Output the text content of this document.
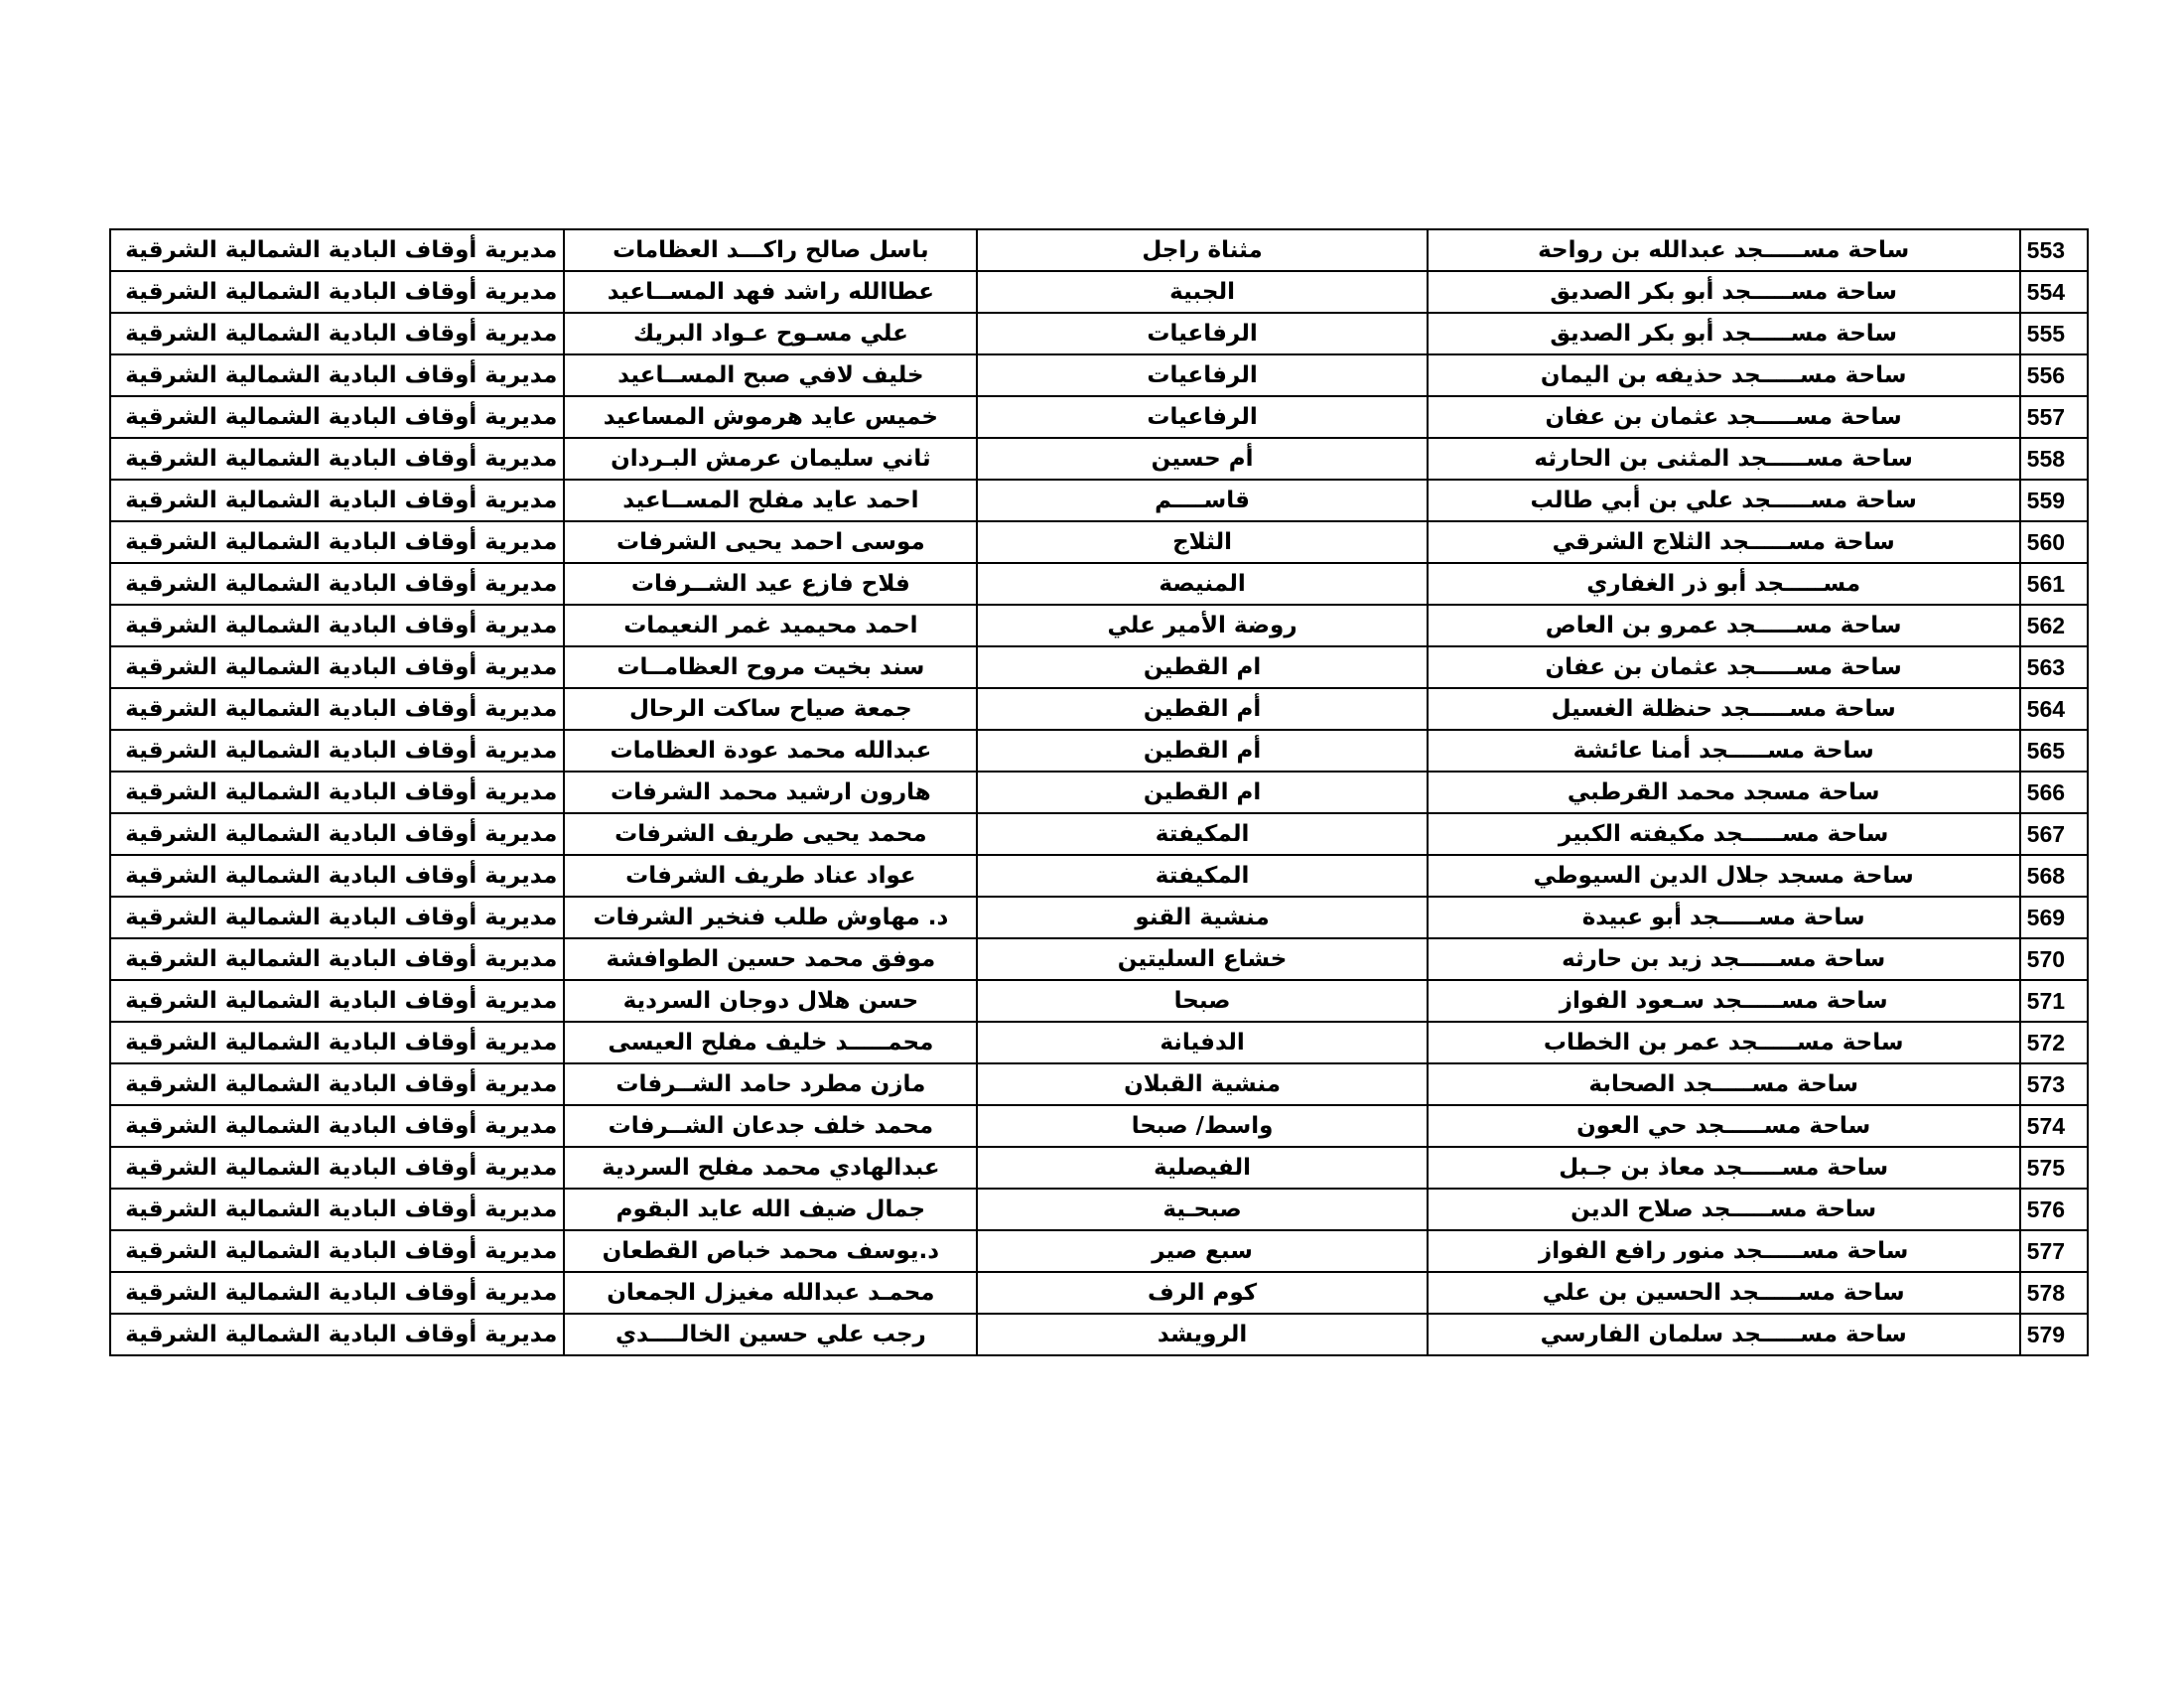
553	ساحة مســـــجد عبدالله بن رواحة	مثناة راجل	باسل صالح راكـــد العظامات	مديرية أوقاف البادية الشمالية الشرقية
554	ساحة مســـــجد أبو بكر الصديق	الجبية	عطاالله راشد فهد المســاعيد	مديرية أوقاف البادية الشمالية الشرقية
555	ساحة مســـــجد أبو بكر الصديق	الرفاعيات	علي مسـوح عـواد البريك	مديرية أوقاف البادية الشمالية الشرقية
556	ساحة مســـــجد حذيفه بن اليمان	الرفاعيات	خليف لافي صبح المســاعيد	مديرية أوقاف البادية الشمالية الشرقية
557	ساحة مســـــجد عثمان بن عفان	الرفاعيات	خميس عايد هرموش المساعيد	مديرية أوقاف البادية الشمالية الشرقية
558	ساحة مســـــجد المثنى بن الحارثه	أم حسين	ثاني سليمان عرمش البـردان	مديرية أوقاف البادية الشمالية الشرقية
559	ساحة مســـــجد علي بن أبي طالب	قاســــم	احمد عايد مفلح المســاعيد	مديرية أوقاف البادية الشمالية الشرقية
560	ساحة مســـــجد الثلاج الشرقي	الثلاج	موسى احمد يحيى الشرفات	مديرية أوقاف البادية الشمالية الشرقية
561	مســـــجد أبو ذر الغفاري	المنيصة	فلاح فازع عيد الشــرفات	مديرية أوقاف البادية الشمالية الشرقية
562	ساحة مســـــجد عمرو بن العاص	روضة الأمير علي	احمد محيميد غمر النعيمات	مديرية أوقاف البادية الشمالية الشرقية
563	ساحة مســـــجد عثمان بن عفان	ام القطين	سند بخيت مروح العظامــات	مديرية أوقاف البادية الشمالية الشرقية
564	ساحة مســـــجد حنظلة الغسيل	أم القطين	جمعة صياح ساكت الرحال	مديرية أوقاف البادية الشمالية الشرقية
565	ساحة مســـــجد أمنا عائشة	أم القطين	عبدالله محمد عودة العظامات	مديرية أوقاف البادية الشمالية الشرقية
566	ساحة مسجد محمد القرطبي	ام القطين	هارون ارشيد محمد الشرفات	مديرية أوقاف البادية الشمالية الشرقية
567	ساحة مســـــجد مكيفته الكبير	المكيفتة	محمد يحيى طريف الشرفات	مديرية أوقاف البادية الشمالية الشرقية
568	ساحة مسجد جلال الدين السيوطي	المكيفتة	عواد عناد طريف الشرفات	مديرية أوقاف البادية الشمالية الشرقية
569	ساحة مســـــجد أبو عبيدة	منشية القنو	د. مهاوش طلب فنخير الشرفات	مديرية أوقاف البادية الشمالية الشرقية
570	ساحة مســـــجد زيد بن حارثه	خشاع السليتين	موفق محمد حسين الطوافشة	مديرية أوقاف البادية الشمالية الشرقية
571	ساحة مســـــجد سـعود الفواز	صبحا	حسن هلال دوجان السردية	مديرية أوقاف البادية الشمالية الشرقية
572	ساحة مســـــجد عمر بن الخطاب	الدفيانة	محمـــــد خليف مفلح العيسى	مديرية أوقاف البادية الشمالية الشرقية
573	ساحة مســـــجد الصحابة	منشية القبلان	مازن مطرد حامد الشــرفات	مديرية أوقاف البادية الشمالية الشرقية
574	ساحة مســـــجد حي العون	واسط/ صبحا	محمد خلف جدعان الشــرفات	مديرية أوقاف البادية الشمالية الشرقية
575	ساحة مســـــجد معاذ بن جـبل	الفيصلية	عبدالهادي محمد مفلح السردية	مديرية أوقاف البادية الشمالية الشرقية
576	ساحة مســـــجد صلاح الدين	صبحـية	جمال ضيف الله عايد البقوم	مديرية أوقاف البادية الشمالية الشرقية
577	ساحة مســـــجد منور رافع الفواز	سبع صير	د.يوسف محمد خباص القطعان	مديرية أوقاف البادية الشمالية الشرقية
578	ساحة مســـــجد الحسين بن علي	كوم الرف	محمـد عبدالله مغيزل الجمعان	مديرية أوقاف البادية الشمالية الشرقية
579	ساحة مســـــجد سلمان الفارسي	الرويشد	رجب علي حسين الخالــــدي	مديرية أوقاف البادية الشمالية الشرقية
